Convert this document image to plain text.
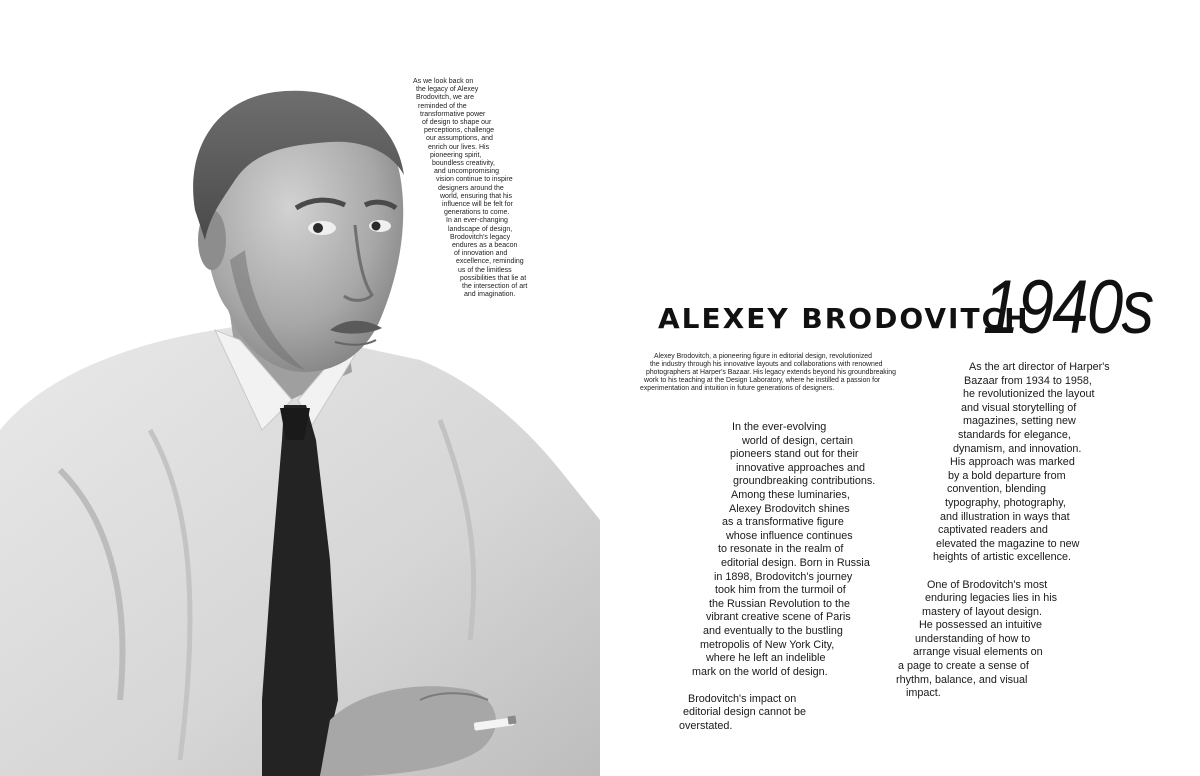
As we look back on
the legacy of Alexey
Brodovitch, we are
reminded of the
transformative power
of design to shape our
perceptions, challenge
our assumptions, and
enrich our lives. His
pioneering spirit,
boundless creativity,
and uncompromising
vision continue to inspire
designers around the
world, ensuring that his
influence will be felt for
generations to come.
In an ever-changing
landscape of design,
Brodovitch's legacy
endures as a beacon
of innovation and
excellence, reminding
us of the limitless
possibilities that lie at
the intersection of art
and imagination.
ALEXEY BRODOVITCH
1940s
Alexey Brodovitch, a pioneering figure in editorial design, revolutionized
the industry through his innovative layouts and collaborations with renowned
photographers at Harper's Bazaar. His legacy extends beyond his groundbreaking
work to his teaching at the Design Laboratory, where he instilled a passion for
experimentation and intuition in future generations of designers.
In the ever-evolving
world of design, certain
pioneers stand out for their
innovative approaches and
groundbreaking contributions.
Among these luminaries,
Alexey Brodovitch shines
as a transformative figure
whose influence continues
to resonate in the realm of
editorial design. Born in Russia
in 1898, Brodovitch's journey
took him from the turmoil of
the Russian Revolution to the
vibrant creative scene of Paris
and eventually to the bustling
metropolis of New York City,
where he left an indelible
mark on the world of design.
Brodovitch's impact on
editorial design cannot be
overstated.
As the art director of Harper's
Bazaar from 1934 to 1958,
he revolutionized the layout
and visual storytelling of
magazines, setting new
standards for elegance,
dynamism, and innovation.
His approach was marked
by a bold departure from
convention, blending
typography, photography,
and illustration in ways that
captivated readers and
elevated the magazine to new
heights of artistic excellence.
One of Brodovitch's most
enduring legacies lies in his
mastery of layout design.
He possessed an intuitive
understanding of how to
arrange visual elements on
a page to create a sense of
rhythm, balance, and visual
impact.
